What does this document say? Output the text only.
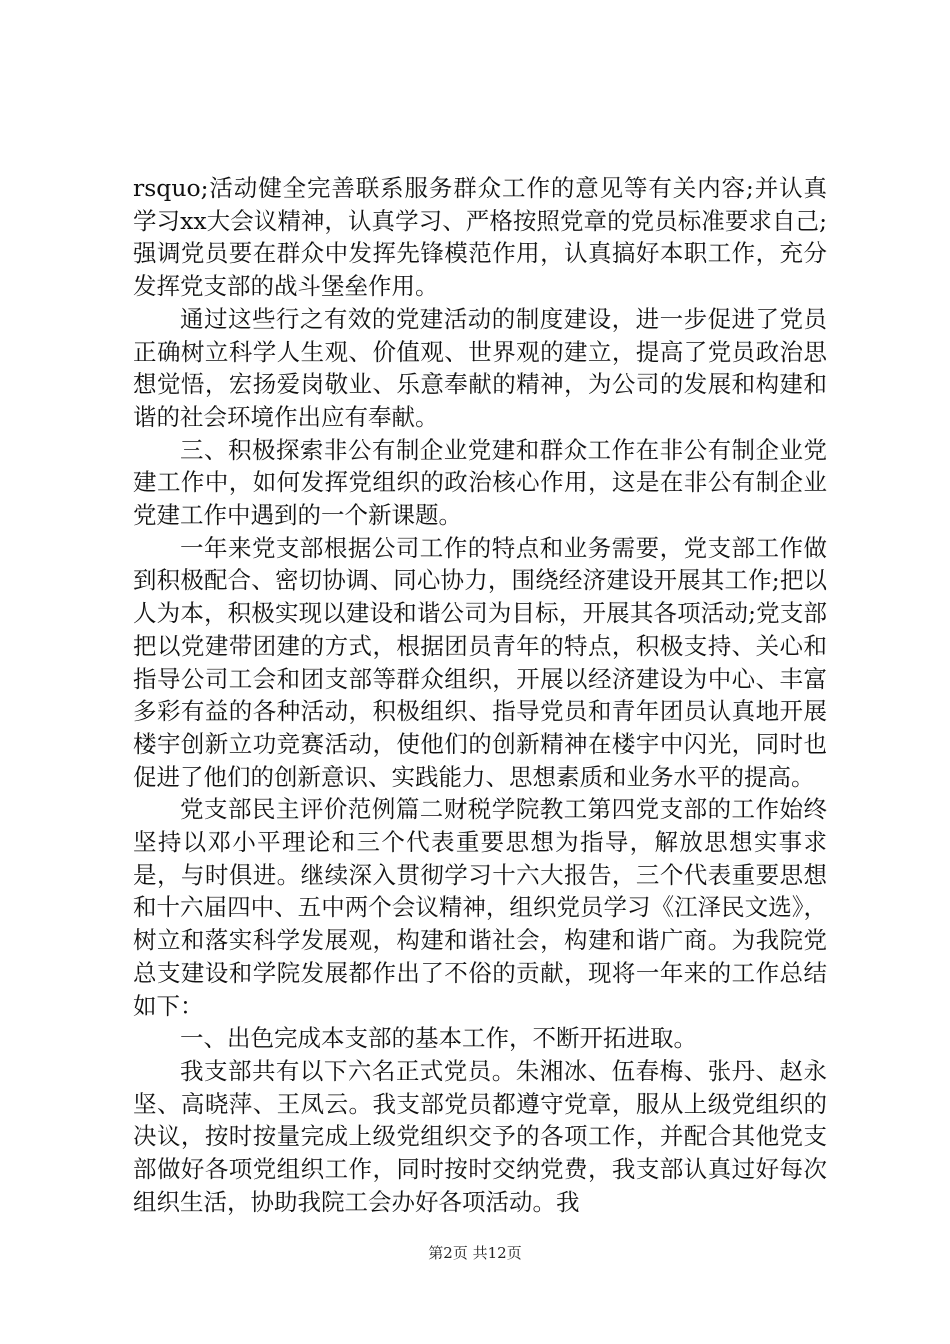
rsquo;活动健全完善联系服务群众工作的意见等有关内容;并认真学习xx大会议精神，认真学习、严格按照党章的党员标准要求自己;强调党员要在群众中发挥先锋模范作用，认真搞好本职工作，充分发挥党支部的战斗堡垒作用。

通过这些行之有效的党建活动的制度建设，进一步促进了党员正确树立科学人生观、价值观、世界观的建立，提高了党员政治思想觉悟，宏扬爱岗敬业、乐意奉献的精神，为公司的发展和构建和谐的社会环境作出应有奉献。

三、积极探索非公有制企业党建和群众工作在非公有制企业党建工作中，如何发挥党组织的政治核心作用，这是在非公有制企业党建工作中遇到的一个新课题。

一年来党支部根据公司工作的特点和业务需要，党支部工作做到积极配合、密切协调、同心协力，围绕经济建设开展其工作;把以人为本，积极实现以建设和谐公司为目标，开展其各项活动;党支部把以党建带团建的方式，根据团员青年的特点，积极支持、关心和指导公司工会和团支部等群众组织，开展以经济建设为中心、丰富多彩有益的各种活动，积极组织、指导党员和青年团员认真地开展楼宇创新立功竞赛活动，使他们的创新精神在楼宇中闪光，同时也促进了他们的创新意识、实践能力、思想素质和业务水平的提高。

党支部民主评价范例篇二财税学院教工第四党支部的工作始终坚持以邓小平理论和三个代表重要思想为指导，解放思想实事求是，与时俱进。继续深入贯彻学习十六大报告，三个代表重要思想和十六届四中、五中两个会议精神，组织党员学习《江泽民文选》，树立和落实科学发展观，构建和谐社会，构建和谐广商。为我院党总支建设和学院发展都作出了不俗的贡献，现将一年来的工作总结如下：

一、出色完成本支部的基本工作，不断开拓进取。

我支部共有以下六名正式党员。朱湘冰、伍春梅、张丹、赵永坚、高晓萍、王凤云。我支部党员都遵守党章，服从上级党组织的决议，按时按量完成上级党组织交予的各项工作，并配合其他党支部做好各项党组织工作，同时按时交纳党费，我支部认真过好每次组织生活，协助我院工会办好各项活动。我

第2页 共12页
